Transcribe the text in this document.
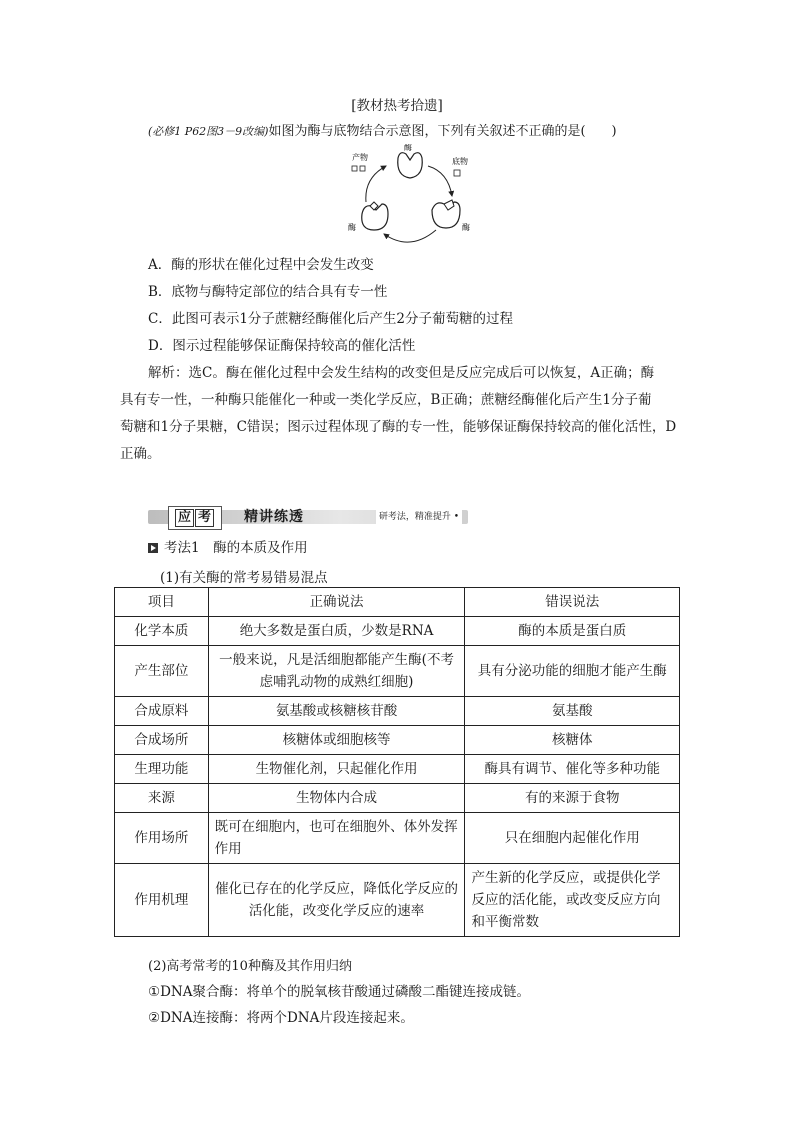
[教材热考拾遗]
(必修1 P62图3－9改编)如图为酶与底物结合示意图，下列有关叙述不正确的是(　　)
产物
酶
底物
酶	酶
A．酶的形状在催化过程中会发生改变
B．底物与酶特定部位的结合具有专一性
C．此图可表示1分子蔗糖经酶催化后产生2分子葡萄糖的过程
D．图示过程能够保证酶保持较高的催化活性

解析：选C。酶在催化过程中会发生结构的改变但是反应完成后可以恢复，A正确；酶

具有专一性，一种酶只能催化一种或一类化学反应，B正确；蔗糖经酶催化后产生1分子葡

萄糖和1分子果糖，C错误；图示过程体现了酶的专一性，能够保证酶保持较高的催化活性，D

正确。

应 考	精讲练透	研考法，精准提升 •
考法1　酶的本质及作用
(1)有关酶的常考易错易混点
项目	正确说法	错误说法
化学本质	绝大多数是蛋白质，少数是RNA	酶的本质是蛋白质
产生部位	一般来说，凡是活细胞都能产生酶(不考虑哺乳动物的成熟红细胞)	具有分泌功能的细胞才能产生酶
合成原料	氨基酸或核糖核苷酸	氨基酸
合成场所	核糖体或细胞核等	核糖体
生理功能	生物催化剂，只起催化作用	酶具有调节、催化等多种功能
来源	生物体内合成	有的来源于食物
作用场所	既可在细胞内，也可在细胞外、体外发挥作用	只在细胞内起催化作用
作用机理	催化已存在的化学反应，降低化学反应的活化能，改变化学反应的速率	产生新的化学反应，或提供化学反应的活化能，或改变反应方向和平衡常数
(2)高考常考的10种酶及其作用归纳
①DNA聚合酶：将单个的脱氧核苷酸通过磷酸二酯键连接成链。
②DNA连接酶：将两个DNA片段连接起来。
